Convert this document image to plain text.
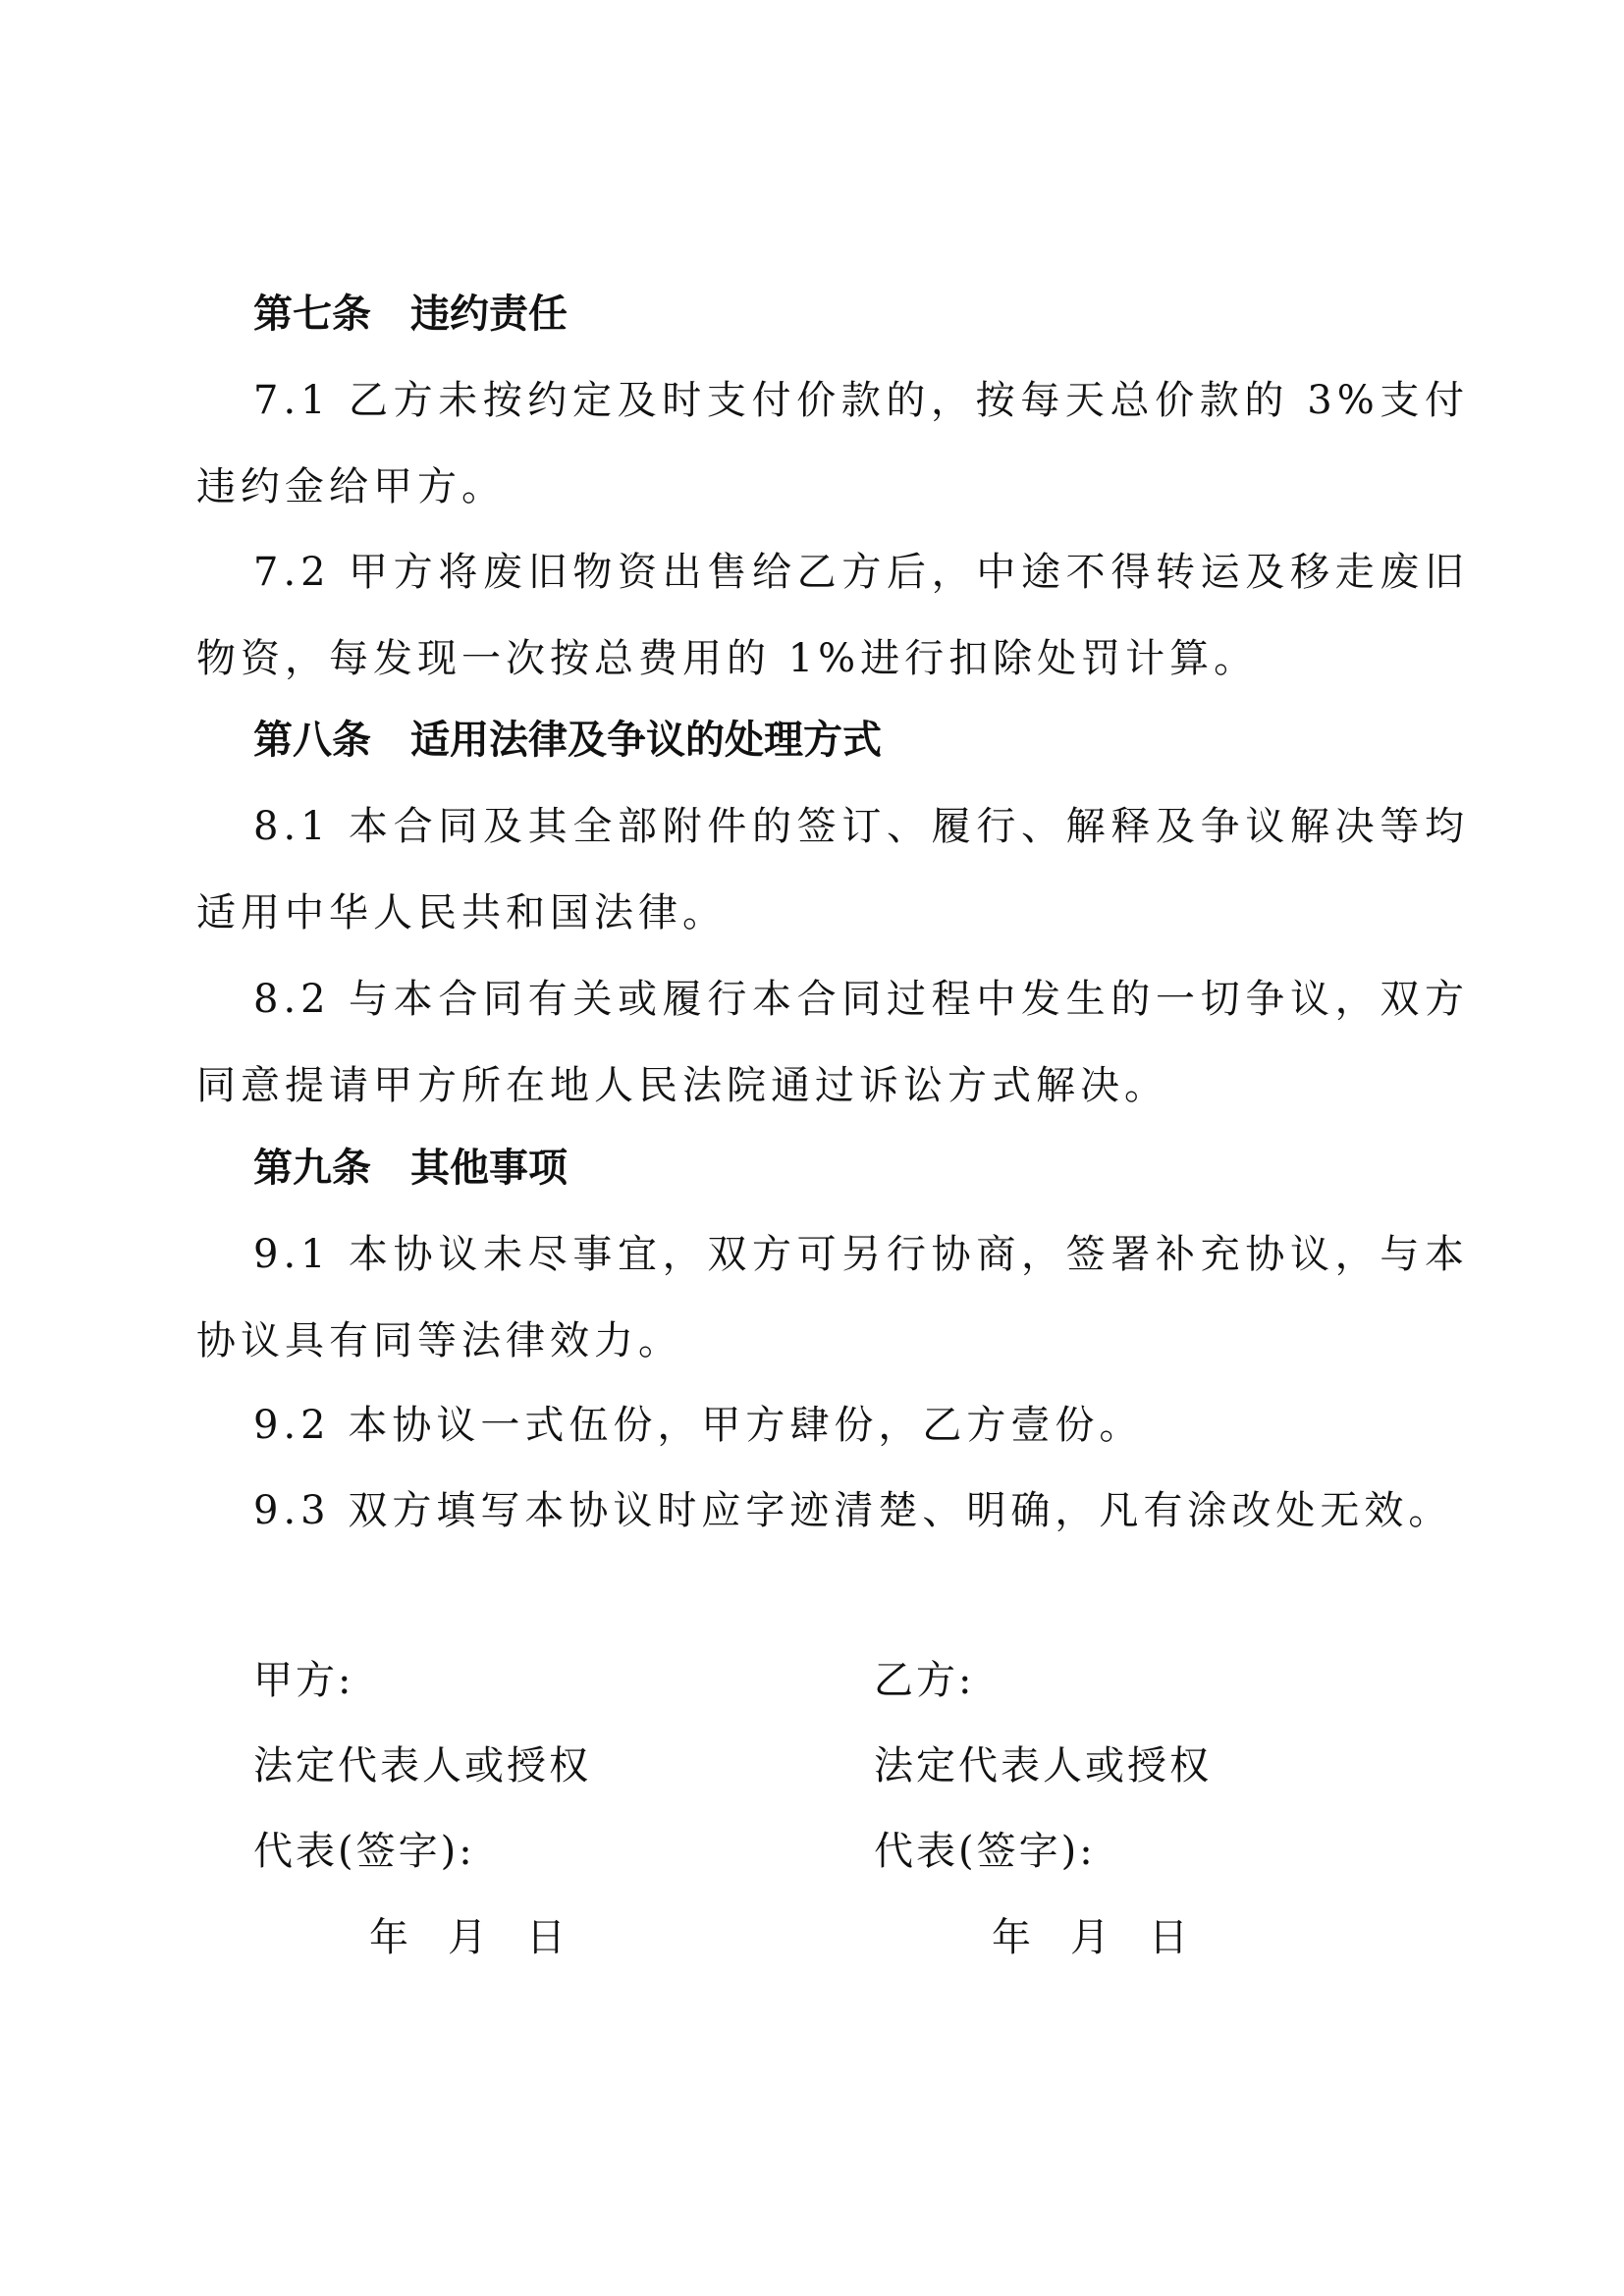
第七条　违约责任

7.1 乙方未按约定及时支付价款的，按每天总价款的 3%支付违约金给甲方。

7.2 甲方将废旧物资出售给乙方后，中途不得转运及移走废旧物资，每发现一次按总费用的 1%进行扣除处罚计算。

第八条　适用法律及争议的处理方式

8.1 本合同及其全部附件的签订、履行、解释及争议解决等均适用中华人民共和国法律。

8.2 与本合同有关或履行本合同过程中发生的一切争议，双方同意提请甲方所在地人民法院通过诉讼方式解决。

第九条　其他事项

9.1 本协议未尽事宜，双方可另行协商，签署补充协议，与本协议具有同等法律效力。

9.2 本协议一式伍份，甲方肆份，乙方壹份。

9.3 双方填写本协议时应字迹清楚、明确，凡有涂改处无效。

甲方:
法定代表人或授权
代表(签字):
年　月　日
乙方:
法定代表人或授权
代表(签字):
年　月　日
